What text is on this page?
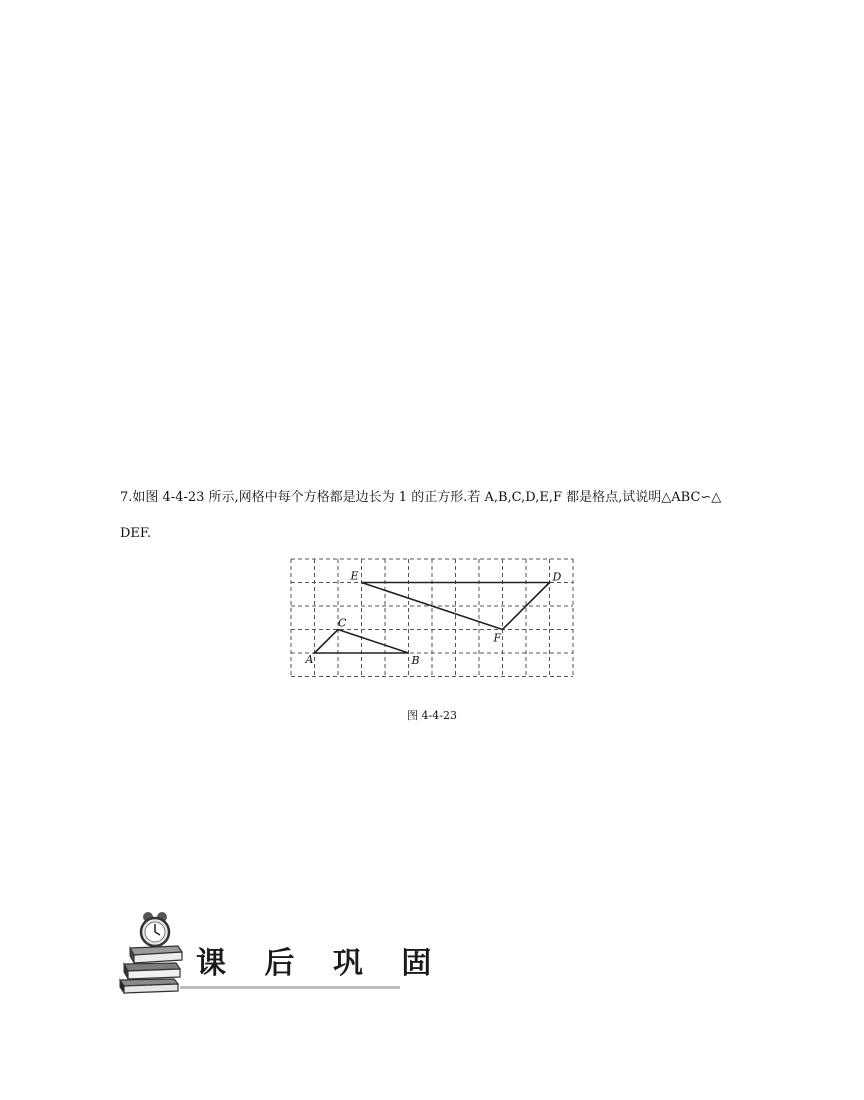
7.如图 4-4-23 所示,网格中每个方格都是边长为 1 的正方形.若 A,B,C,D,E,F 都是格点,试说明△ABC∽△

DEF.

A	B
C
D
E
F
图 4-4-23
课 后 巩 固
